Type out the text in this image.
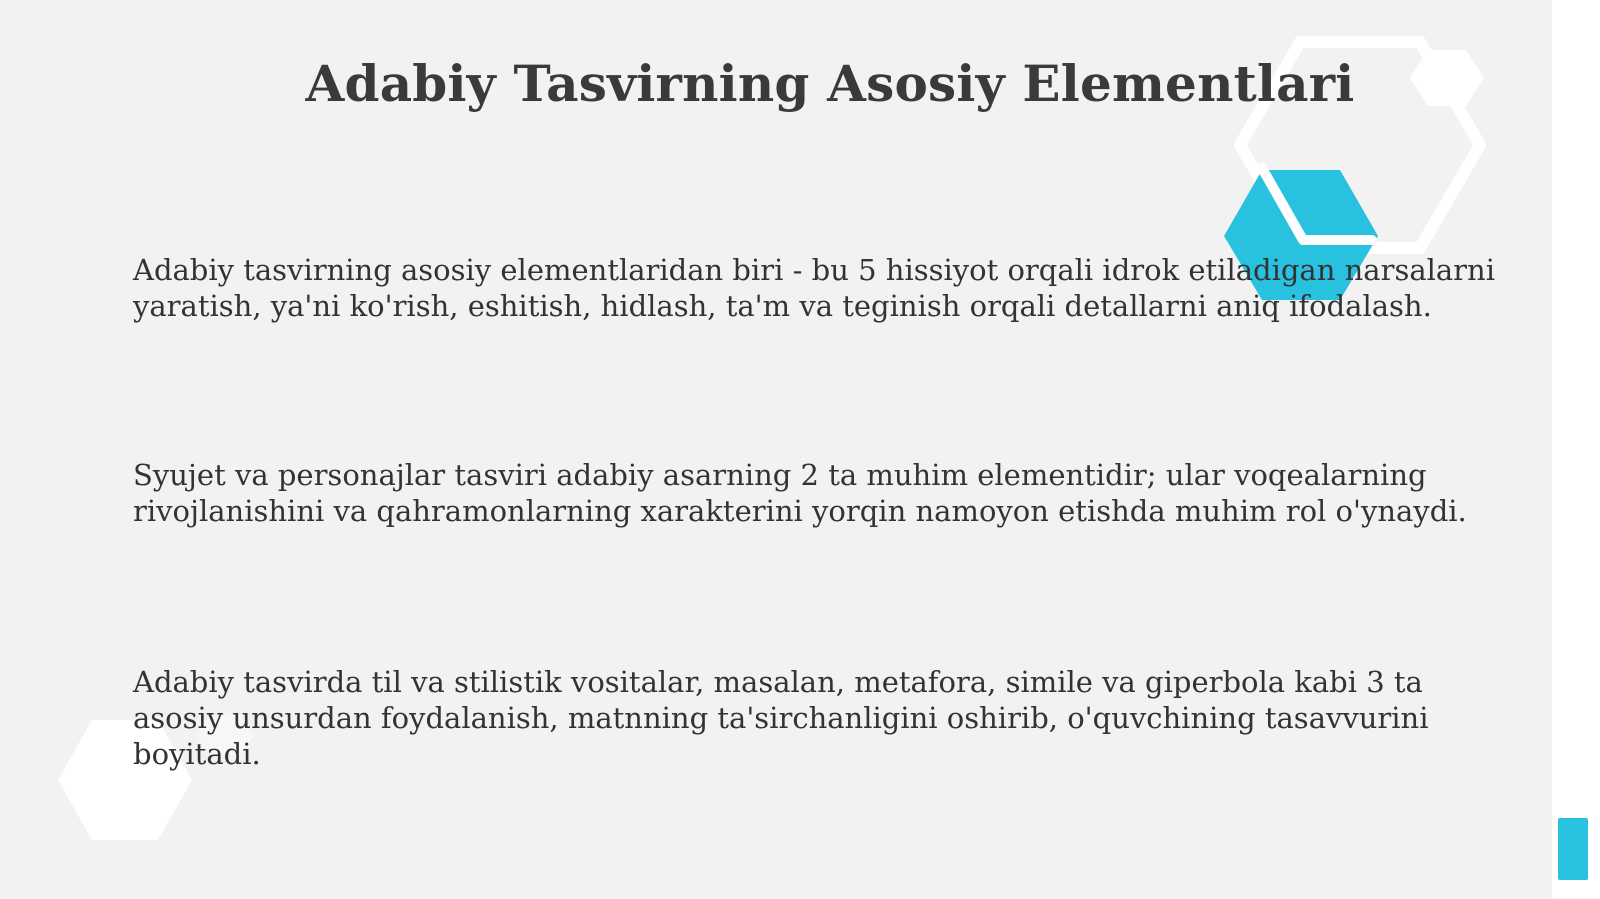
Adabiy Tasvirning Asosiy Elementlari

Adabiy tasvirning asosiy elementlaridan biri - bu 5 hissiyot orqali idrok etiladigan narsalarni yaratish, ya'ni ko'rish, eshitish, hidlash, ta'm va teginish orqali detallarni aniq ifodalash.

Syujet va personajlar tasviri adabiy asarning 2 ta muhim elementidir; ular voqealarning rivojlanishini va qahramonlarning xarakterini yorqin namoyon etishda muhim rol o'ynaydi.

Adabiy tasvirda til va stilistik vositalar, masalan, metafora, simile va giperbola kabi 3 ta asosiy unsurdan foydalanish, matnning ta'sirchanligini oshirib, o'quvchining tasavvurini boyitadi.
